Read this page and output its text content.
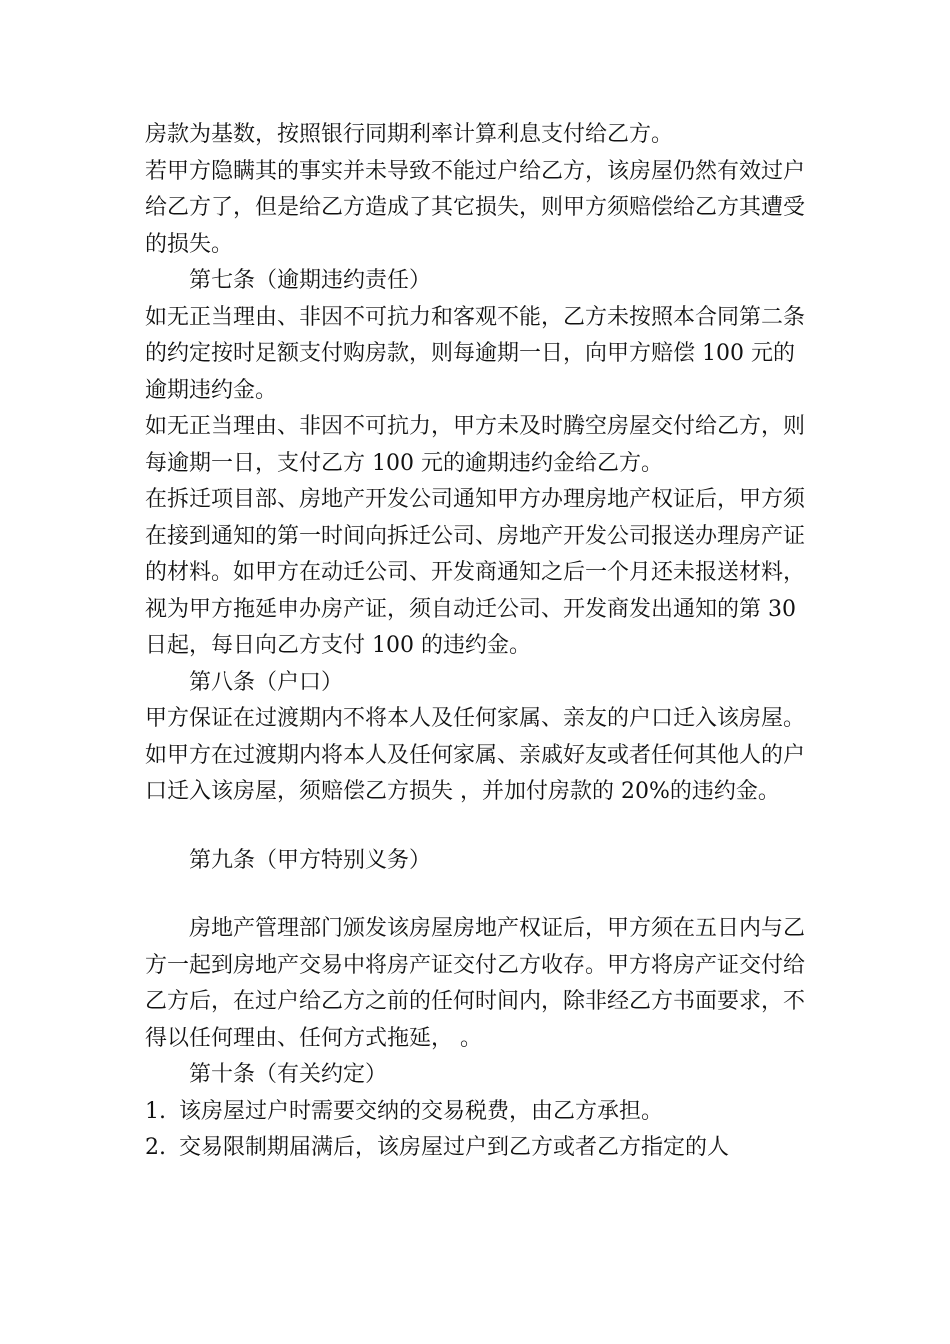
房款为基数，按照银行同期利率计算利息支付给乙方。

若甲方隐瞒其的事实并未导致不能过户给乙方，该房屋仍然有效过户给乙方了，但是给乙方造成了其它损失，则甲方须赔偿给乙方其遭受的损失。

第七条（逾期违约责任）

如无正当理由、非因不可抗力和客观不能，乙方未按照本合同第二条的约定按时足额支付购房款，则每逾期一日，向甲方赔偿 100 元的逾期违约金。

如无正当理由、非因不可抗力，甲方未及时腾空房屋交付给乙方，则每逾期一日，支付乙方 100 元的逾期违约金给乙方。

在拆迁项目部、房地产开发公司通知甲方办理房地产权证后，甲方须在接到通知的第一时间向拆迁公司、房地产开发公司报送办理房产证的材料。如甲方在动迁公司、开发商通知之后一个月还未报送材料，视为甲方拖延申办房产证，须自动迁公司、开发商发出通知的第 30 日起，每日向乙方支付 100 的违约金。

第八条（户口）

甲方保证在过渡期内不将本人及任何家属、亲友的户口迁入该房屋。 如甲方在过渡期内将本人及任何家属、亲戚好友或者任何其他人的户口迁入该房屋，须赔偿乙方损失 ，并加付房款的 20%的违约金。

第九条（甲方特别义务）

房地产管理部门颁发该房屋房地产权证后，甲方须在五日内与乙方一起到房地产交易中将房产证交付乙方收存。甲方将房产证交付给乙方后，在过户给乙方之前的任何时间内，除非经乙方书面要求，不得以任何理由、任何方式拖延， 。

第十条（有关约定）

1. 该房屋过户时需要交纳的交易税费，由乙方承担。
2. 交易限制期届满后，该房屋过户到乙方或者乙方指定的人
